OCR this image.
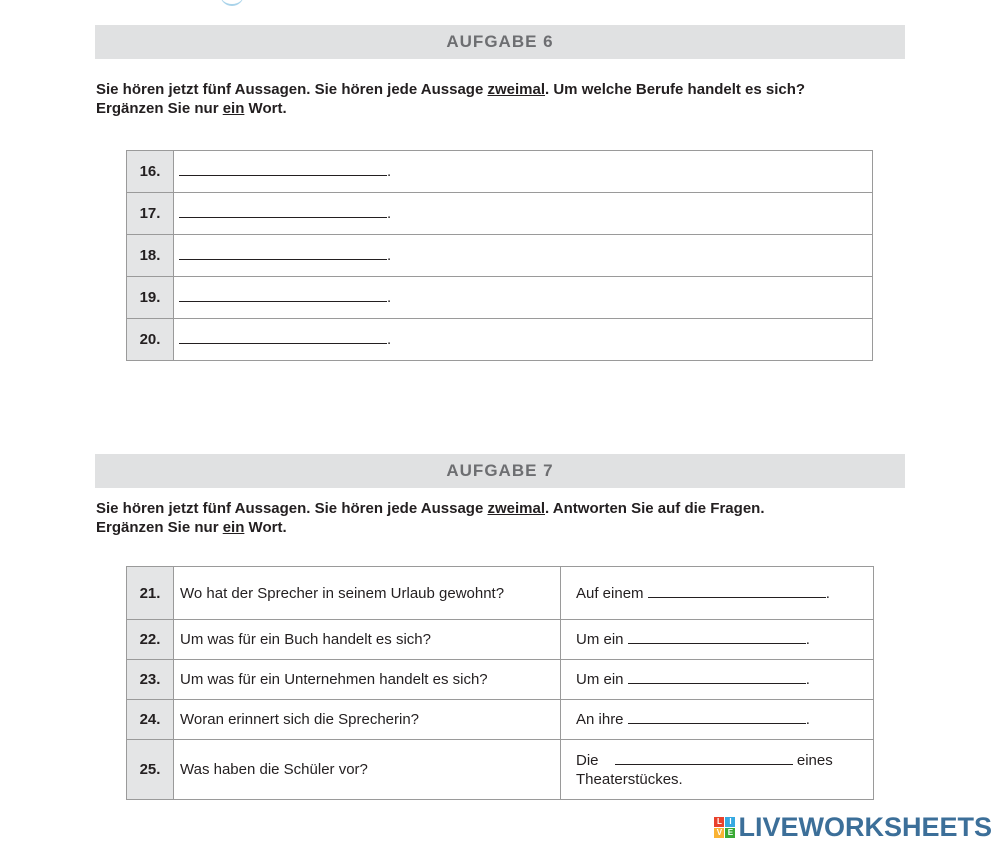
AUFGABE 6
Sie hören jetzt fünf Aussagen. Sie hören jede Aussage zweimal. Um welche Berufe handelt es sich?
Ergänzen Sie nur ein Wort.
16.	.
17.	.
18.	.
19.	.
20.	.
AUFGABE 7
Sie hören jetzt fünf Aussagen. Sie hören jede Aussage zweimal. Antworten Sie auf die Fragen.
Ergänzen Sie nur ein Wort.
21.	Wo hat der Sprecher in seinem Urlaub gewohnt?	Auf einem .
22.	Um was für ein Buch handelt es sich?	Um ein .
23.	Um was für ein Unternehmen handelt es sich?	Um ein .
24.	Woran erinnert sich die Sprecherin?	An ihre .
25.	Was haben die Schüler vor?	Die eines
Theaterstückes.
L I
V E LIVEWORKSHEETS
